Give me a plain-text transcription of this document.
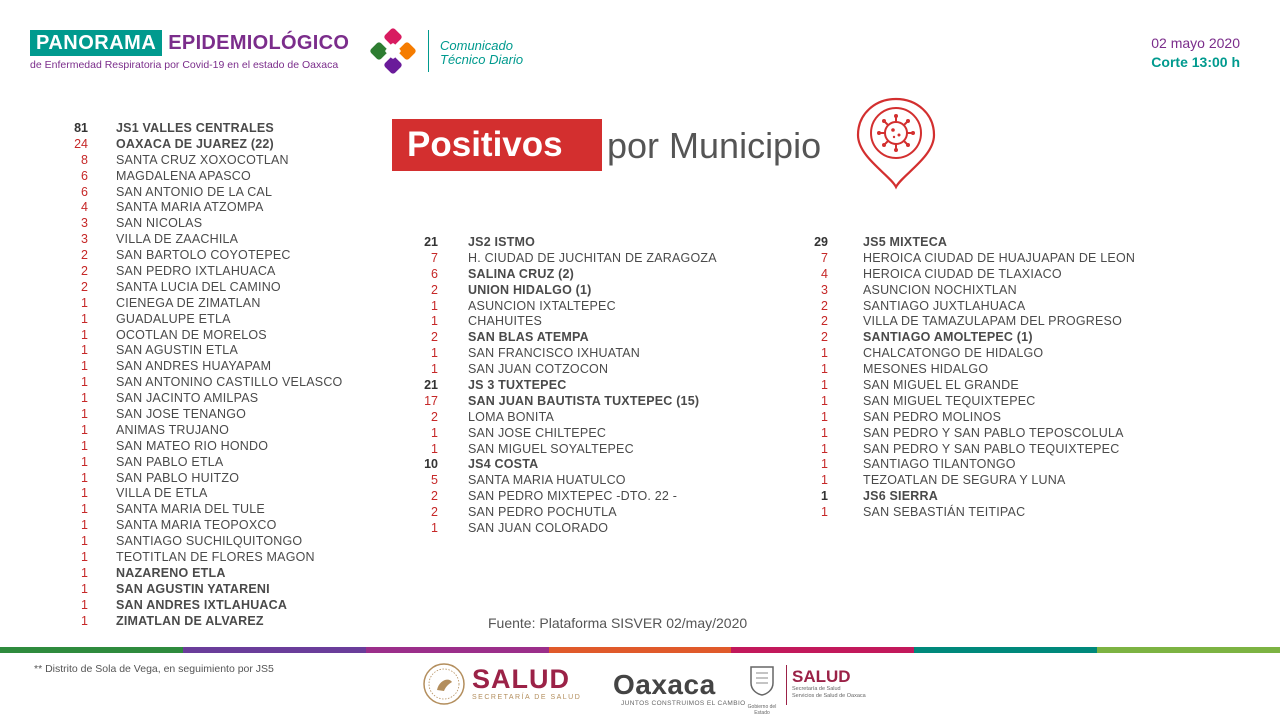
PANORAMA EPIDEMIOLÓGICO
de Enfermedad Respiratoria por Covid-19 en el estado de Oaxaca
Comunicado
Técnico Diario
02 mayo 2020
Corte 13:00 h
Positivos	por Municipio
81	JS1 VALLES CENTRALES
24	OAXACA DE JUAREZ (22)
8	SANTA CRUZ XOXOCOTLAN
6	MAGDALENA APASCO
6	SAN ANTONIO DE LA CAL
4	SANTA MARIA ATZOMPA
3	SAN NICOLAS
3	VILLA DE ZAACHILA
2	SAN BARTOLO COYOTEPEC
2	SAN PEDRO IXTLAHUACA
2	SANTA LUCIA DEL CAMINO
1	CIENEGA DE ZIMATLAN
1	GUADALUPE ETLA
1	OCOTLAN DE MORELOS
1	SAN AGUSTIN ETLA
1	SAN ANDRES HUAYAPAM
1	SAN ANTONINO CASTILLO VELASCO
1	SAN JACINTO AMILPAS
1	SAN JOSE TENANGO
1	ANIMAS TRUJANO
1	SAN MATEO RIO HONDO
1	SAN PABLO ETLA
1	SAN PABLO HUITZO
1	VILLA DE ETLA
1	SANTA MARIA DEL TULE
1	SANTA MARIA TEOPOXCO
1	SANTIAGO SUCHILQUITONGO
1	TEOTITLAN DE FLORES MAGON
1	NAZARENO ETLA
1	SAN AGUSTIN YATARENI
1	SAN ANDRES IXTLAHUACA
1	ZIMATLAN DE ALVAREZ
21	JS2 ISTMO
7	H. CIUDAD DE JUCHITAN DE ZARAGOZA
6	SALINA CRUZ (2)
2	UNION HIDALGO (1)
1	ASUNCION IXTALTEPEC
1	CHAHUITES
2	SAN BLAS ATEMPA
1	SAN FRANCISCO IXHUATAN
1	SAN JUAN COTZOCON
21	JS 3 TUXTEPEC
17	SAN JUAN BAUTISTA TUXTEPEC (15)
2	LOMA BONITA
1	SAN JOSE CHILTEPEC
1	SAN MIGUEL SOYALTEPEC
10	JS4 COSTA
5	SANTA MARIA HUATULCO
2	SAN PEDRO MIXTEPEC -DTO. 22 -
2	SAN PEDRO POCHUTLA
1	SAN JUAN COLORADO
29	JS5 MIXTECA
7	HEROICA CIUDAD DE HUAJUAPAN DE LEON
4	HEROICA CIUDAD DE TLAXIACO
3	ASUNCION NOCHIXTLAN
2	SANTIAGO JUXTLAHUACA
2	VILLA DE TAMAZULAPAM DEL PROGRESO
2	SANTIAGO AMOLTEPEC (1)
1	CHALCATONGO DE HIDALGO
1	MESONES HIDALGO
1	SAN MIGUEL EL GRANDE
1	SAN MIGUEL TEQUIXTEPEC
1	SAN PEDRO MOLINOS
1	SAN PEDRO Y SAN PABLO TEPOSCOLULA
1	SAN PEDRO Y SAN PABLO TEQUIXTEPEC
1	SANTIAGO TILANTONGO
1	TEZOATLAN DE SEGURA Y LUNA
1	JS6 SIERRA
1	SAN SEBASTIÁN TEITIPAC
Fuente: Plataforma SISVER 02/may/2020
** Distrito de Sola de Vega, en seguimiento por JS5	SALUD
SECRETARÍA DE SALUD Oaxaca
JUNTOS CONSTRUIMOS EL CAMBIO Gobierno del Estado
SALUD
Secretaría de Salud
Servicios de Salud de Oaxaca
